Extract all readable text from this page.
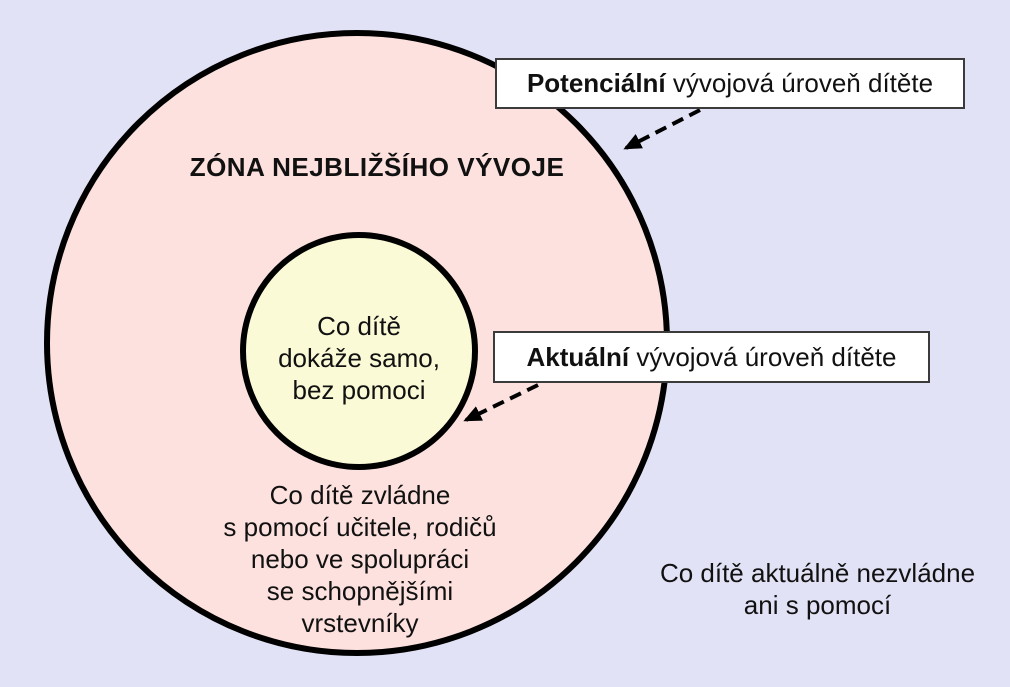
ZÓNA NEJBLIŽŠÍHO VÝVOJE
Co dítě
dokáže samo,
bez pomoci
Co dítě zvládne
s pomocí učitele, rodičů
nebo ve spolupráci
se schopnějšími
vrstevníky
Co dítě aktuálně nezvládne
ani s pomocí
Potenciální vývojová úroveň dítěte
Aktuální vývojová úroveň dítěte
